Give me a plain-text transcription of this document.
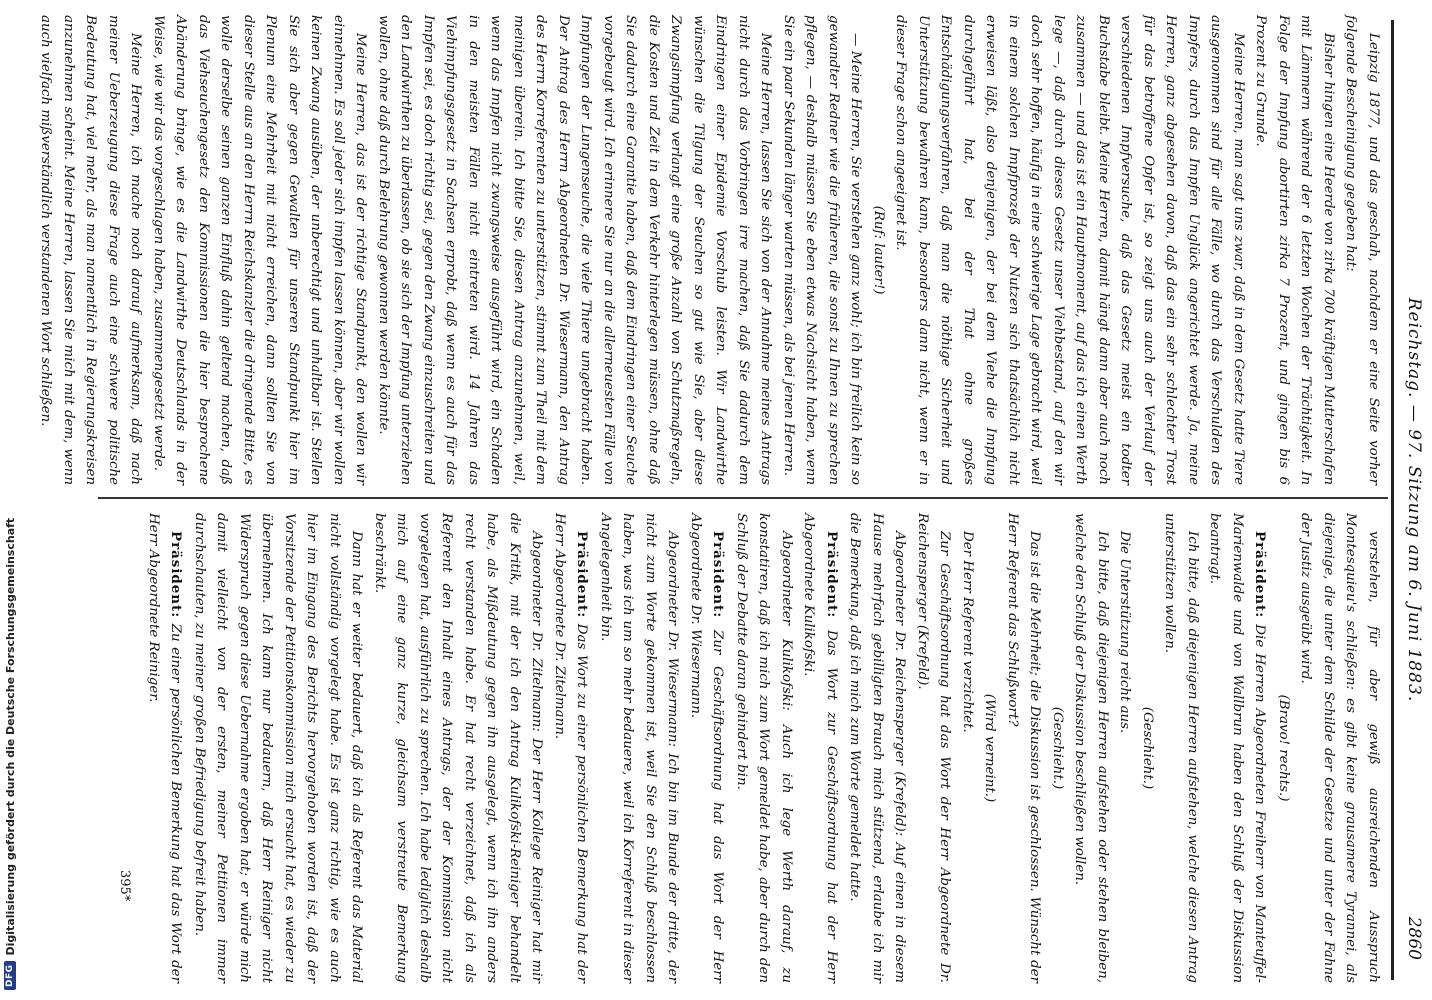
DFG
Digitalisierung gefördert durch die Deutsche Forschungsgemeinschaft
Reichstag. — 97. Sitzung am 6. Juni 1883.
2860

Leipzig 1877, und das geschah, nachdem er eine Seite vorher folgende Bescheinigung gegeben hat:

Bisher hingen eine Heerde von zirka 700 kräftigen Mutterschafen mit Lämmern während der 6 letzten Wochen der Trächtigkeit. In Folge der Impfung abortirten zirka 7 Prozent, und gingen bis 6 Prozent zu Grunde.

Meine Herren, man sagt uns zwar, daß in dem Gesetz hatte Tiere ausgenommen sind für alle Fälle, wo durch das Verschulden des Impfers, durch das Impfen Unglück angerichtet werde. Ja, meine Herren, ganz abgesehen davon, daß das ein sehr schlechter Trost für das betroffene Opfer ist, so zeigt uns auch der Verlauf der verschiedenen Impfversuche, daß das Gesetz meist ein todter Buchstabe bleibt. Meine Herren, damit hängt dann aber auch noch zusammen — und das ist ein Hauptmoment, auf das ich einen Werth lege —, daß durch dieses Gesetz unser Viehbestand, auf den wir doch sehr hoffen, häufig in eine schwierige Lage gebracht wird, weil in einem solchen Impfprozeß der Nutzen sich thatsächlich nicht erweisen läßt, also denjenigen, der bei dem Viehe die Impfung durchgeführt hat, bei der That ohne großes Entschädigungsverfahren, daß man die nöthige Sicherheit und Unterstützung bewahren kann, besonders dann nicht, wenn er in dieser Frage schon angeeignet ist.

(Ruf: lauter!)

— Meine Herren, Sie verstehen ganz wohl; ich bin freilich kein so gewandter Redner wie die früheren, die sonst zu Ihnen zu sprechen pflegen, — deshalb müssen Sie eben etwas Nachsicht haben, wenn Sie ein paar Sekunden länger warten müssen, als bei jenen Herren.

Meine Herren, lassen Sie sich von der Annahme meines Antrags nicht durch das Vorbringen irre machen, daß Sie dadurch dem Eindringen einer Epidemie Vorschub leisten. Wir Landwirthe wünschen die Tilgung der Seuchen so gut wie Sie, aber diese Zwangsimpfung verlangt eine große Anzahl von Schutzmaßregeln, die Kosten und Zeit in dem Verkehr hinterlegen müssen, ohne daß Sie dadurch eine Garantie haben, daß dem Eindringen einer Seuche vorgebeugt wird. Ich erinnere Sie nur an die allerneuesten Fälle von Impfungen der Lungenseuche, die viele Thiere umgebracht haben. Der Antrag des Herrn Abgeordneten Dr. Wiesermann, den Antrag des Herrn Korreferenten zu unterstützen, stimmt zum Theil mit dem meinigen überein. Ich bitte Sie, diesen Antrag anzunehmen, weil, wenn das Impfen nicht zwangsweise ausgeführt wird, ein Schaden in den meisten Fällen nicht eintreten wird. 14 Jahren das Viehimpfungsgesetz in Sachsen erprobt, daß wenn es auch für das Impfen sei, es doch richtig sei, gegen den Zwang einzuschreiten und den Landwirthen zu überlassen, ob sie sich der Impfung unterziehen wollen, ohne daß durch Belehrung gewonnen werden könnte.

Meine Herren, das ist der richtige Standpunkt, den wollen wir einnehmen. Es soll jeder sich impfen lassen können, aber wir wollen keinen Zwang ausüben, der unberechtigt und unhaltbar ist. Stellen Sie sich aber gegen Gewalten für unseren Standpunkt hier im Plenum eine Mehrheit mit nicht erreichen, dann sollten Sie von dieser Stelle aus an den Herrn Reichskanzler die dringende Bitte, es wolle derselbe seinen ganzen Einfluß dahin geltend machen, daß das Viehseuchengesetz den Kommissionen die hier besprochene Abänderung bringe, wie es die Landwirthe Deutschlands in der Weise, wie wir das vorgeschlagen haben, zusammengesetzt werde.

Meine Herren, ich mache noch darauf aufmerksam, daß nach meiner Ueberzeugung diese Frage auch eine schwere politische Bedeutung hat, viel mehr, als man namentlich in Regierungskreisen anzunehmen scheint. Meine Herren, lassen Sie mich mit dem, wenn auch vielfach mißverständlich verstandenen Wort schließen.

verstehen, für aber gewiß ausreichenden Ausspruch Montesquieu's schließen: es gibt keine grausamere Tyrannei, als diejenige, die unter dem Schilde der Gesetze und unter der Fahne der Justiz ausgeübt wird.

(Bravo! rechts.)

Präsident: Die Herren Abgeordneten Freiherr von Manteuffel-Marienwalde und von Wallbrun haben den Schluß der Diskussion beantragt.

Ich bitte, daß diejenigen Herren aufstehen, welche diesen Antrag unterstützen wollen.

(Geschieht.)

Die Unterstützung reicht aus.

Ich bitte, daß diejenigen Herren aufstehen oder stehen bleiben, welche den Schluß der Diskussion beschließen wollen.

(Geschieht.)

Das ist die Mehrheit; die Diskussion ist geschlossen. Wünscht der Herr Referent das Schlußwort?

(Wird verneint.)

Der Herr Referent verzichtet.

Zur Geschäftsordnung hat das Wort der Herr Abgeordnete Dr. Reichensperger (Krefeld).

Abgeordneter Dr. Reichensperger (Krefeld): Auf einen in diesem Hause mehrfach gebilligten Brauch mich stützend, erlaube ich mir die Bemerkung, daß ich mich zum Worte gemeldet hatte.

Präsident: Das Wort zur Geschäftsordnung hat der Herr Abgeordnete Kulikofski.

Abgeordneter Kulikofski: Auch ich lege Werth darauf, zu konstatiren, daß ich mich zum Wort gemeldet habe, aber durch den Schluß der Debatte daran gehindert bin.

Präsident: Zur Geschäftsordnung hat das Wort der Herr Abgeordnete Dr. Wiesermann.

Abgeordneter Dr. Wiesermann: Ich bin im Bunde der dritte, der nicht zum Worte gekommen ist, weil Sie den Schluß beschlossen haben, was ich um so mehr bedauere, weil ich Korreferent in dieser Angelegenheit bin.

Präsident: Das Wort zu einer persönlichen Bemerkung hat der Herr Abgeordnete Dr. Zitelmann.

Abgeordneter Dr. Zitelmann: Der Herr Kollege Reiniger hat mir die Kritik, mit der ich den Antrag Kulikofski-Reiniger behandelt habe, als Mißdeutung gegen ihn ausgelegt, wenn ich ihn anders recht verstanden habe. Er hat recht verzeichnet, daß ich als Referent den Inhalt eines Antrags, der der Kommission nicht vorgelegen hat, ausführlich zu sprechen. Ich habe lediglich deshalb mich auf eine ganz kurze, gleichsam verstreute Bemerkung beschränkt.

Dann hat er weiter bedauert, daß ich als Referent das Material nicht vollständig vorgelegt habe. Es ist ganz richtig, wie es auch hier im Eingang des Berichts hervorgehoben worden ist, daß der Vorsitzende der Petitionskommission mich ersucht hat, es wieder zu übernehmen. Ich kann nur bedauern, daß Herr Reiniger nicht Widerspruch gegen diese Uebernahme ergoben hat; er würde mich damit vielleicht von der ersten, meiner Petitionen immer durchschauten, zu meiner großen Befriedigung befreit haben.

Präsident: Zu einer persönlichen Bemerkung hat das Wort der Herr Abgeordnete Reiniger.

395*
